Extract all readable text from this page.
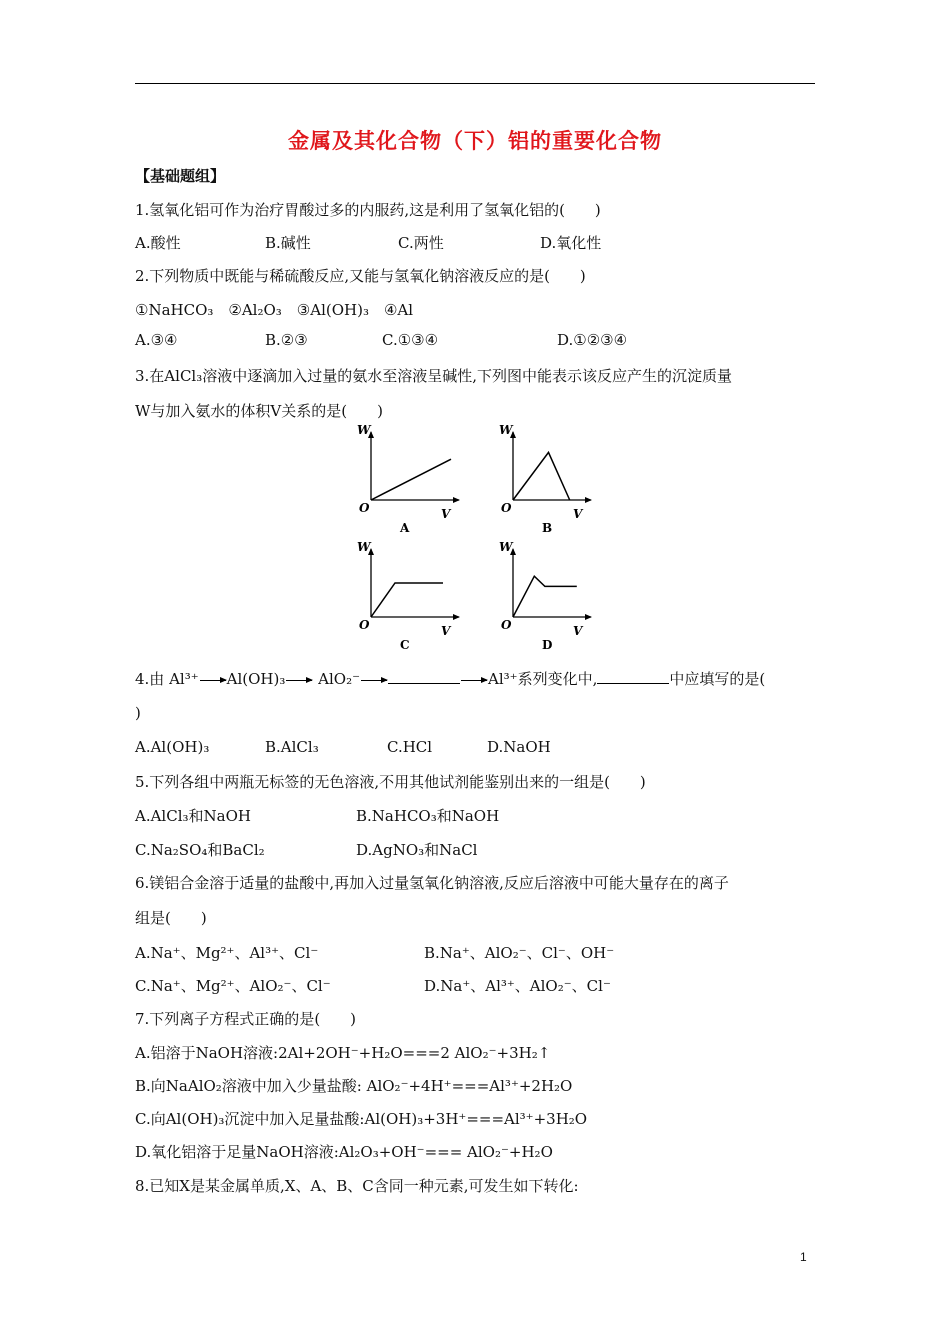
金属及其化合物（下）铝的重要化合物
【基础题组】
1.氢氧化铝可作为治疗胃酸过多的内服药,这是利用了氢氧化铝的(　　)
A.酸性	B.碱性	C.两性	D.氧化性
2.下列物质中既能与稀硫酸反应,又能与氢氧化钠溶液反应的是(　　)
①NaHCO₃　②Al₂O₃　③Al(OH)₃　④Al
A.③④	B.②③	C.①③④	D.①②③④
3.在AlCl₃溶液中逐滴加入过量的氨水至溶液呈碱性,下列图中能表示该反应产生的沉淀质量
W与加入氨水的体积V关系的是(　　)
W
O	V
A
W
O	V
B
W
O	V
C
W
O	V
D
4.由 Al³⁺ Al(OH)₃ AlO₂⁻	Al³⁺系列变化中,	中应填写的是(
)
A.Al(OH)₃	B.AlCl₃	C.HCl	D.NaOH
5.下列各组中两瓶无标签的无色溶液,不用其他试剂能鉴别出来的一组是(　　)
A.AlCl₃和NaOH	B.NaHCO₃和NaOH
C.Na₂SO₄和BaCl₂	D.AgNO₃和NaCl
6.镁铝合金溶于适量的盐酸中,再加入过量氢氧化钠溶液,反应后溶液中可能大量存在的离子
组是(　　)
A.Na⁺、Mg²⁺、Al³⁺、Cl⁻	B.Na⁺、AlO₂⁻、Cl⁻、OH⁻
C.Na⁺、Mg²⁺、AlO₂⁻、Cl⁻	D.Na⁺、Al³⁺、AlO₂⁻、Cl⁻
7.下列离子方程式正确的是(　　)
A.铝溶于NaOH溶液:2Al+2OH⁻+H₂O===2 AlO₂⁻+3H₂↑
B.向NaAlO₂溶液中加入少量盐酸: AlO₂⁻+4H⁺===Al³⁺+2H₂O
C.向Al(OH)₃沉淀中加入足量盐酸:Al(OH)₃+3H⁺===Al³⁺+3H₂O
D.氧化铝溶于足量NaOH溶液:Al₂O₃+OH⁻=== AlO₂⁻+H₂O
8.已知X是某金属单质,X、A、B、C含同一种元素,可发生如下转化:
1
